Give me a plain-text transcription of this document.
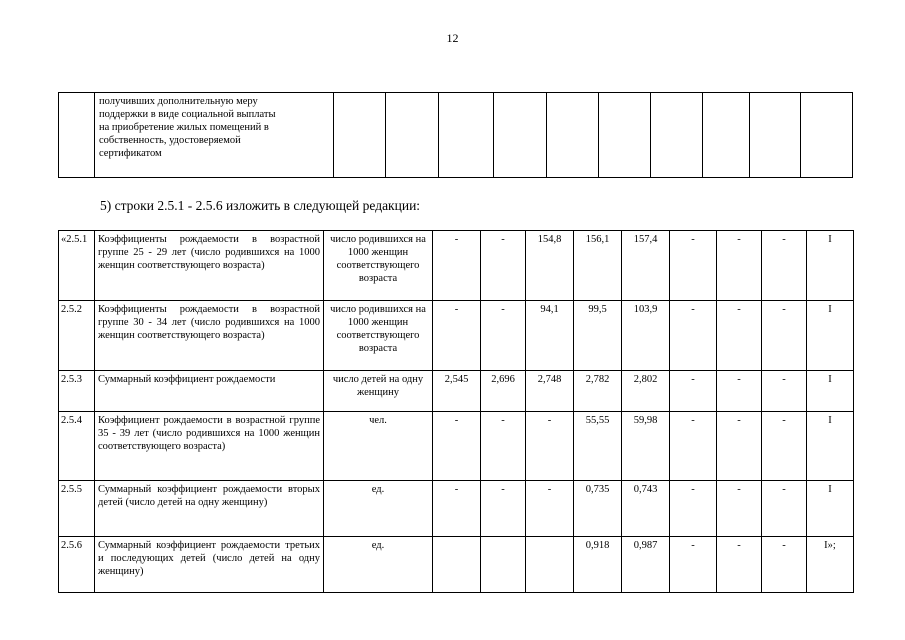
12

получивших дополнительную меру
поддержки в виде социальной выплаты
на приобретение жилых помещений в
собственность, удостоверяемой
сертификатом

5) строки 2.5.1 - 2.5.6 изложить в следующей редакции:
«2.5.1	Коэффициенты рождаемости в возрастной группе 25 - 29 лет (число родившихся на 1000 женщин соответствующего возраста)	число родившихся на 1000 женщин соответствующего возраста	-	-	154,8	156,1	157,4	-	-	-	I
2.5.2	Коэффициенты рождаемости в возрастной группе 30 - 34 лет (число родившихся на 1000 женщин соответствующего возраста)	число родившихся на 1000 женщин соответствующего возраста	-	-	94,1	99,5	103,9	-	-	-	I
2.5.3	Суммарный коэффициент рождаемости	число детей на одну женщину	2,545	2,696	2,748	2,782	2,802	-	-	-	I
2.5.4	Коэффициент рождаемости в возрастной группе 35 - 39 лет (число родившихся на 1000 женщин соответствующего возраста)	чел.	-	-	-	55,55	59,98	-	-	-	I
2.5.5	Суммарный коэффициент рождаемости вторых детей (число детей на одну женщину)	ед.	-	-	-	0,735	0,743	-	-	-	I
2.5.6	Суммарный коэффициент рождаемости третьих и последующих детей (число детей на одну женщину)	ед.				0,918	0,987	-	-	-	I»;
